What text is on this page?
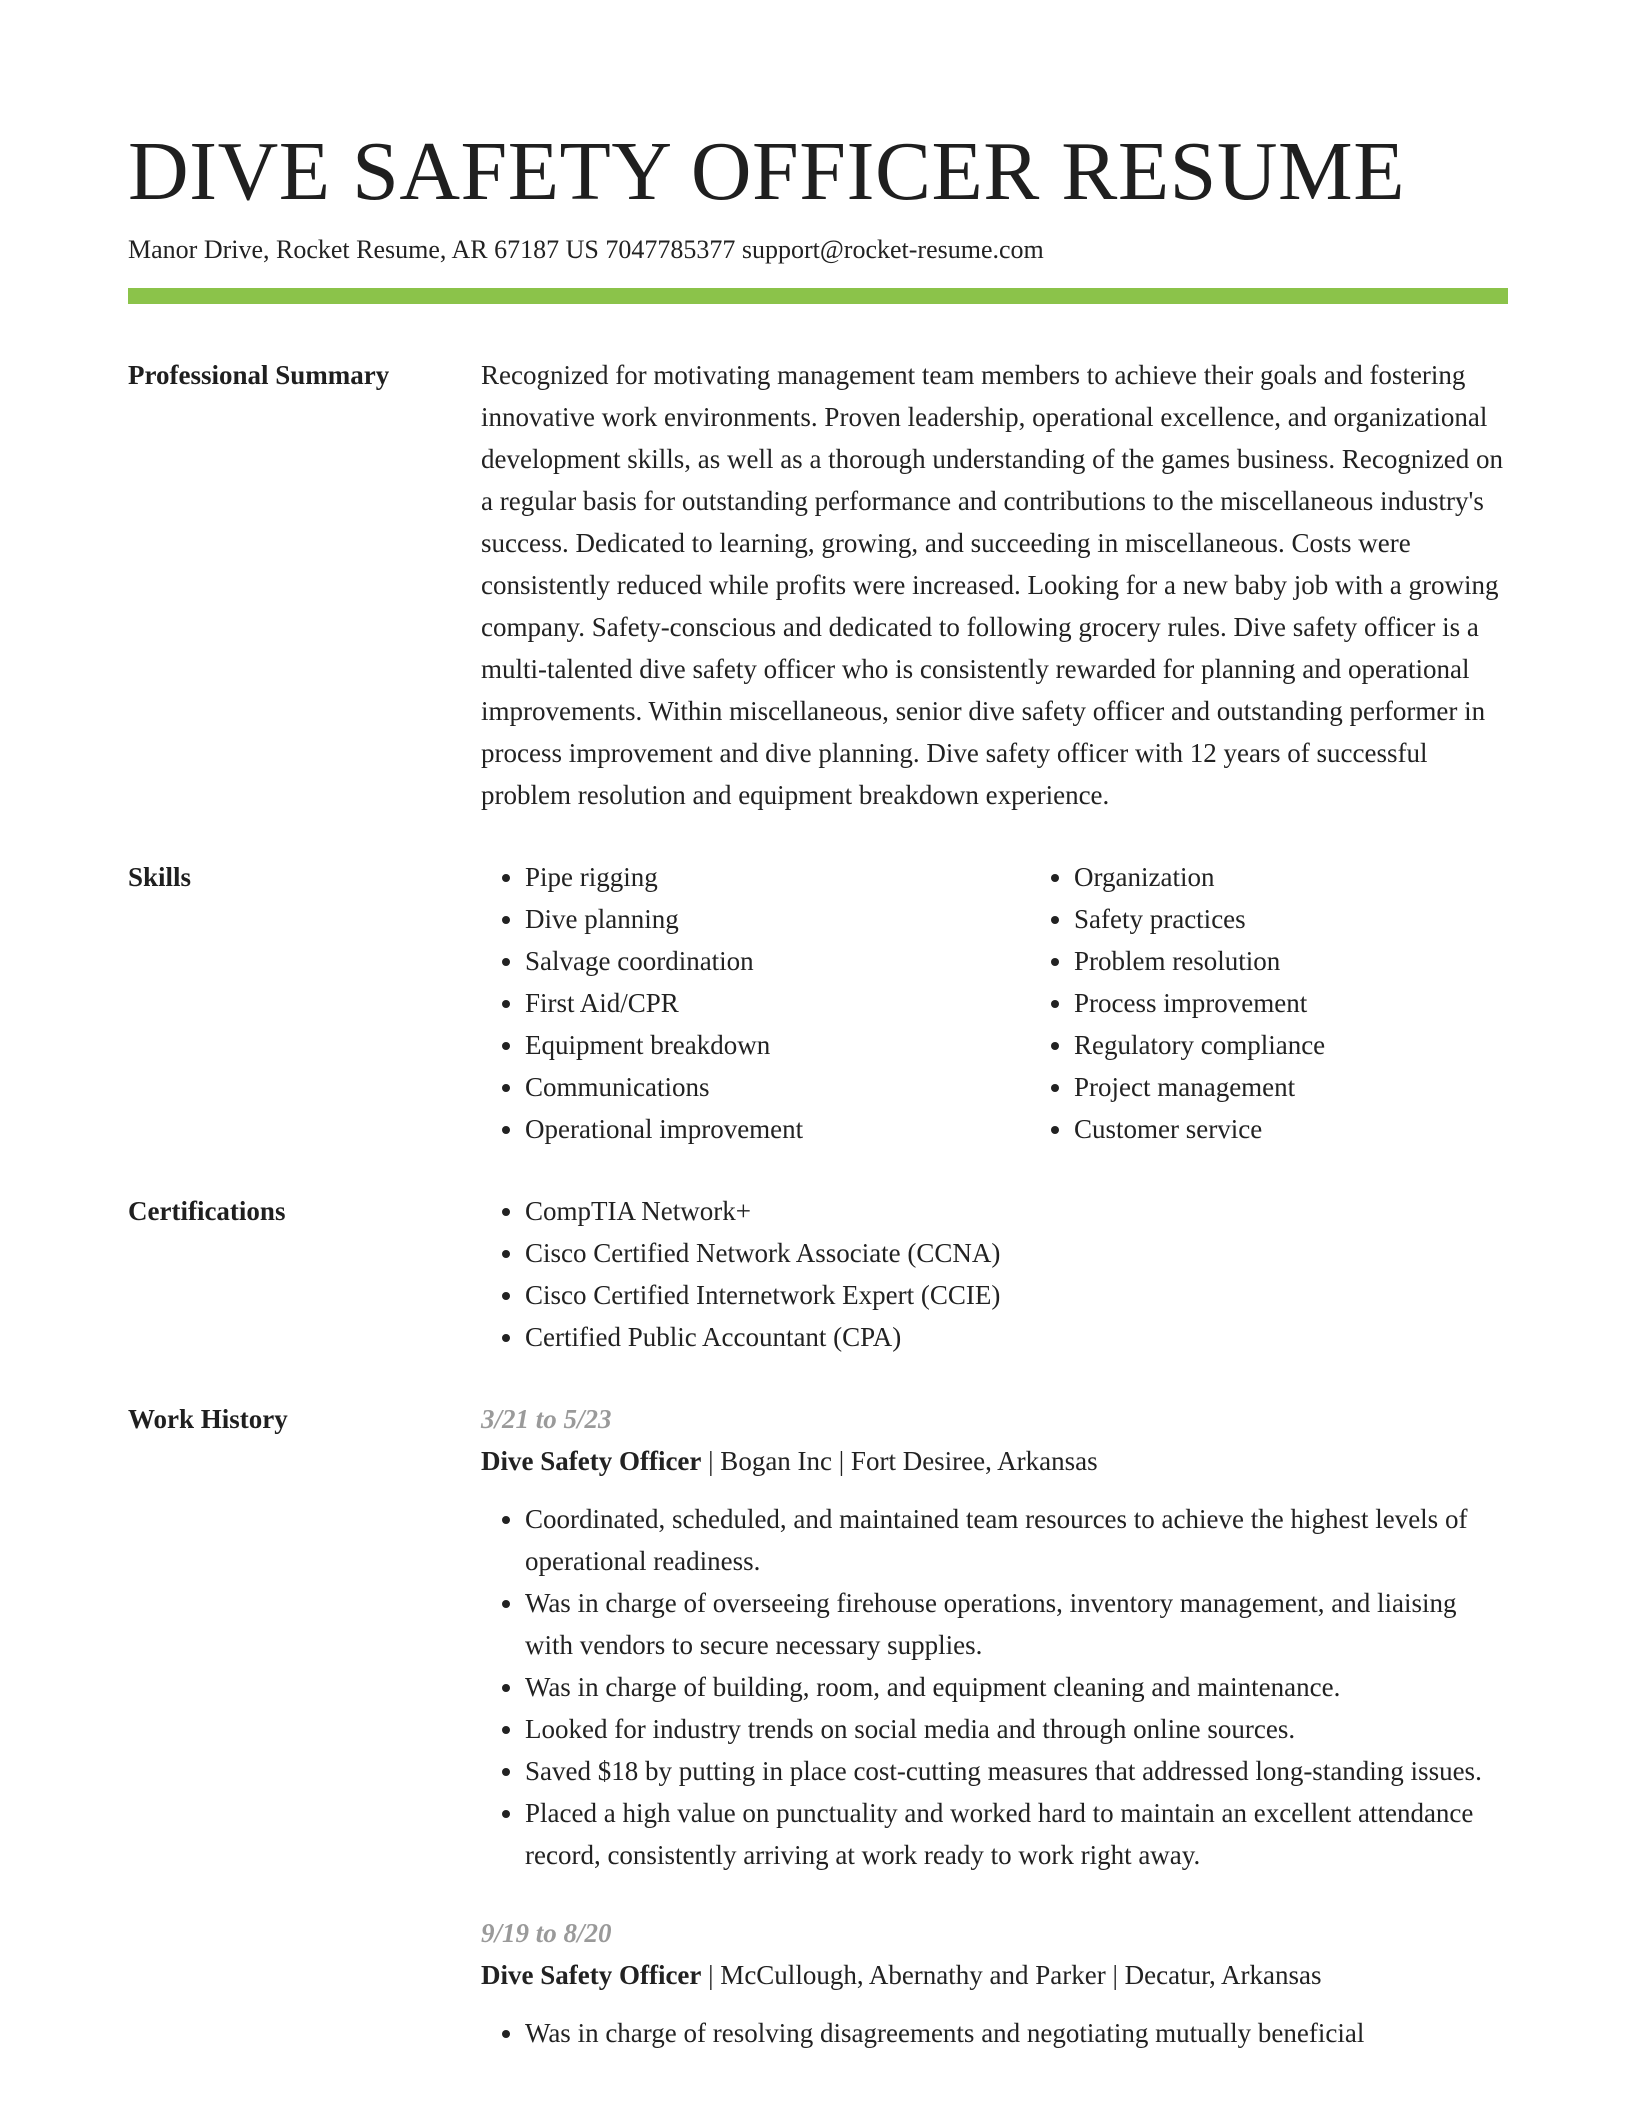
DIVE SAFETY OFFICER RESUME
Manor Drive, Rocket Resume, AR 67187 US 7047785377 support@rocket-resume.com
Professional Summary	Recognized for motivating management team members to achieve their goals and fostering innovative work environments. Proven leadership, operational excellence, and organizational development skills, as well as a thorough understanding of the games business. Recognized on a regular basis for outstanding performance and contributions to the miscellaneous industry's success. Dedicated to learning, growing, and succeeding in miscellaneous. Costs were consistently reduced while profits were increased. Looking for a new baby job with a growing company. Safety-conscious and dedicated to following grocery rules. Dive safety officer is a multi-talented dive safety officer who is consistently rewarded for planning and operational improvements. Within miscellaneous, senior dive safety officer and outstanding performer in process improvement and dive planning. Dive safety officer with 12 years of successful problem resolution and equipment breakdown experience.

Skills	• Pipe rigging
• Dive planning
• Salvage coordination
• First Aid/CPR
• Equipment breakdown
• Communications
• Operational improvement
• Organization
• Safety practices
• Problem resolution
• Process improvement
• Regulatory compliance
• Project management
• Customer service
Certifications	• CompTIA Network+
• Cisco Certified Network Associate (CCNA)
• Cisco Certified Internetwork Expert (CCIE)
• Certified Public Accountant (CPA)
Work History	3/21 to 5/23
Dive Safety Officer | Bogan Inc | Fort Desiree, Arkansas
• Coordinated, scheduled, and maintained team resources to achieve the highest levels of operational readiness.
• Was in charge of overseeing firehouse operations, inventory management, and liaising with vendors to secure necessary supplies.
• Was in charge of building, room, and equipment cleaning and maintenance.
• Looked for industry trends on social media and through online sources.
• Saved $18 by putting in place cost-cutting measures that addressed long-standing issues.
• Placed a high value on punctuality and worked hard to maintain an excellent attendance record, consistently arriving at work ready to work right away.
9/19 to 8/20
Dive Safety Officer | McCullough, Abernathy and Parker | Decatur, Arkansas
• Was in charge of resolving disagreements and negotiating mutually beneficial
